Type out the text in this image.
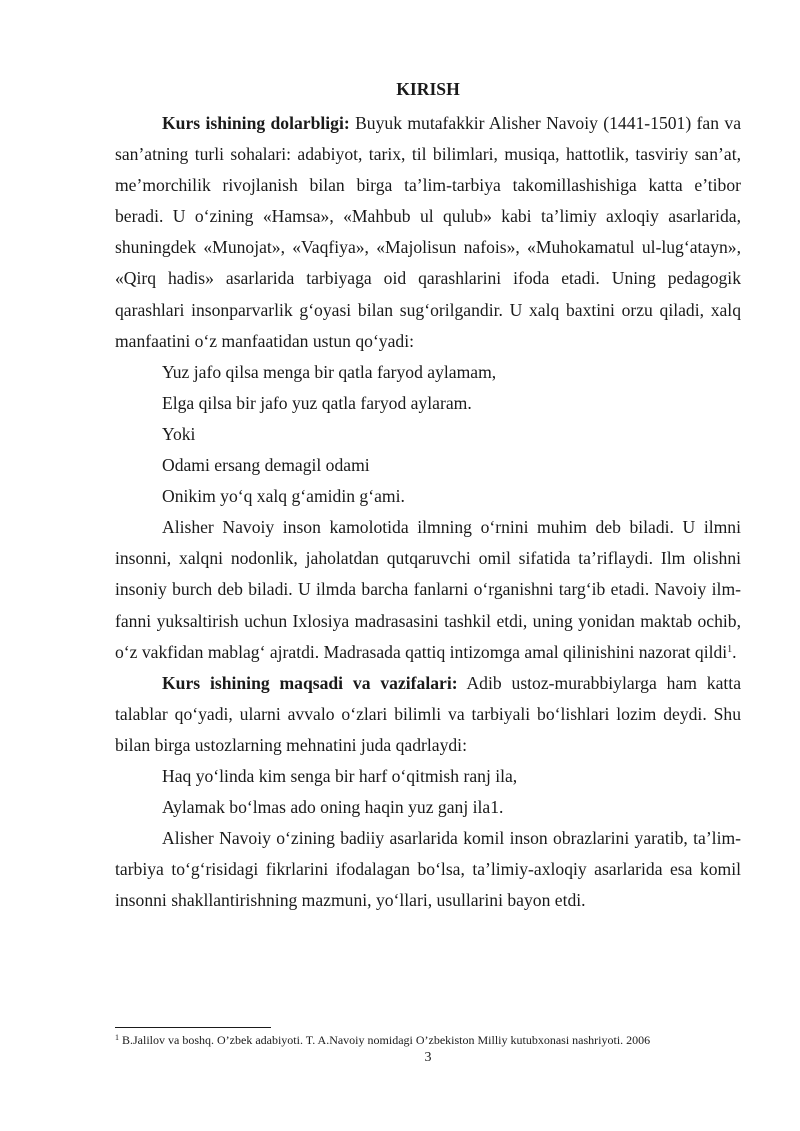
KIRISH

Kurs ishining dolarbligi: Buyuk mutafakkir Alisher Navoiy (1441-1501) fan va san’atning turli sohalari: adabiyot, tarix, til bilimlari, musiqa, hattotlik, tasviriy san’at, me’morchilik rivojlanish bilan birga ta’lim-tarbiya takomillashishiga katta e’tibor beradi. U o‘zining «Hamsa», «Mahbub ul qulub» kabi ta’limiy axloqiy asarlarida, shuningdek «Munojat», «Vaqfiya», «Majolisun nafois», «Muhokamatul ul-lug‘atayn», «Qirq hadis» asarlarida tarbiyaga oid qarashlarini ifoda etadi. Uning pedagogik qarashlari insonparvarlik g‘oyasi bilan sug‘orilgandir. U xalq baxtini orzu qiladi, xalq manfaatini o‘z manfaatidan ustun qo‘yadi:

Yuz jafo qilsa menga bir qatla faryod aylamam,

Elga qilsa bir jafo yuz qatla faryod aylaram.

Yoki

Odami ersang demagil odami

Onikim yo‘q xalq g‘amidin g‘ami.

Alisher Navoiy inson kamolotida ilmning o‘rnini muhim deb biladi. U ilmni insonni, xalqni nodonlik, jaholatdan qutqaruvchi omil sifatida ta’riflaydi. Ilm olishni insoniy burch deb biladi. U ilmda barcha fanlarni o‘rganishni targ‘ib etadi. Navoiy ilm-fanni yuksaltirish uchun Ixlosiya madrasasini tashkil etdi, uning yonidan maktab ochib, o‘z vakfidan mablag‘ ajratdi. Madrasada qattiq intizomga amal qilinishini nazorat qildi$^1$.

Kurs ishining maqsadi va vazifalari: Adib ustoz-murabbiylarga ham katta talablar qo‘yadi, ularni avvalo o‘zlari bilimli va tarbiyali bo‘lishlari lozim deydi. Shu bilan birga ustozlarning mehnatini juda qadrlaydi:

Haq yo‘linda kim senga bir harf o‘qitmish ranj ila,

Aylamak bo‘lmas ado oning haqin yuz ganj ila1.

Alisher Navoiy o‘zining badiiy asarlarida komil inson obrazlarini yaratib, ta’lim-tarbiya to‘g‘risidagi fikrlarini ifodalagan bo‘lsa, ta’limiy-axloqiy asarlarida esa komil insonni shakllantirishning mazmuni, yo‘llari, usullarini bayon etdi.

$^1$ B.Jalilov va boshq. O’zbek adabiyoti. T. A.Navoiy nomidagi O’zbekiston Milliy kutubxonasi nashriyoti. 2006
3
